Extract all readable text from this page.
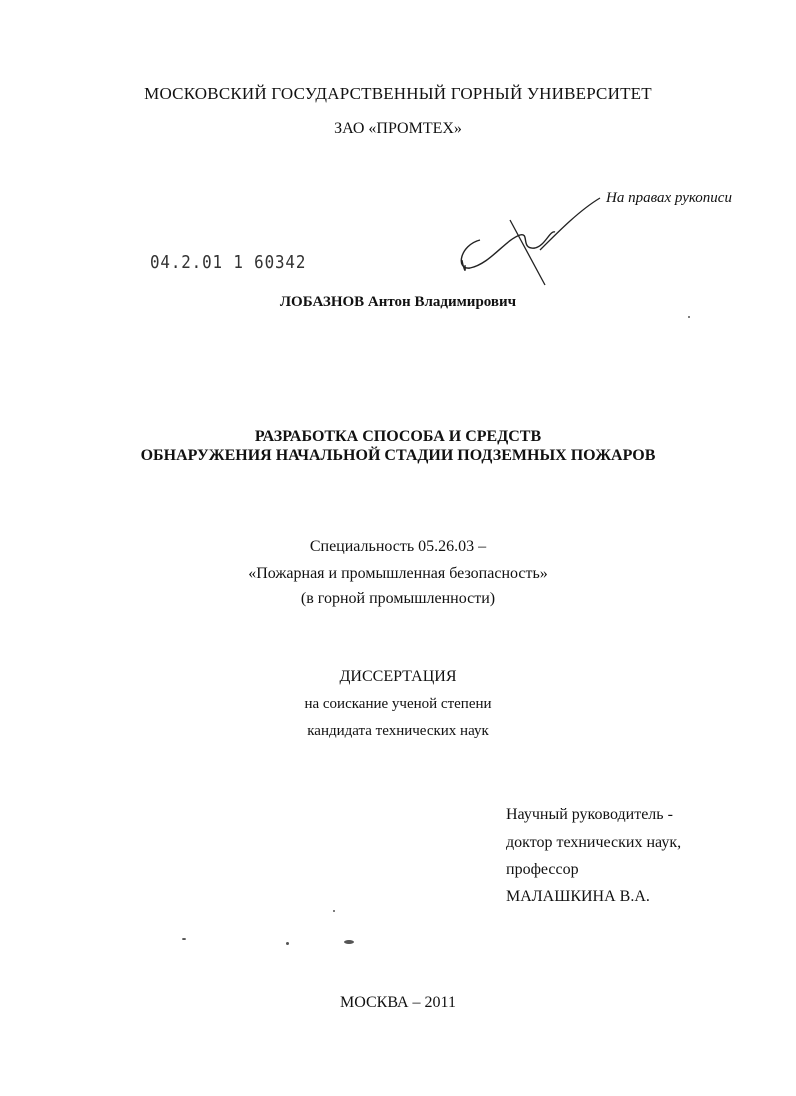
МОСКОВСКИЙ ГОСУДАРСТВЕННЫЙ ГОРНЫЙ УНИВЕРСИТЕТ
ЗАО «ПРОМТЕХ»
На правах рукописи
04.2.01 1 60342
ЛОБАЗНОВ Антон Владимирович
РАЗРАБОТКА СПОСОБА И СРЕДСТВ
ОБНАРУЖЕНИЯ НАЧАЛЬНОЙ СТАДИИ ПОДЗЕМНЫХ ПОЖАРОВ
Специальность 05.26.03 –
«Пожарная и промышленная безопасность»
(в горной промышленности)
ДИССЕРТАЦИЯ
на соискание ученой степени
кандидата технических наук
Научный руководитель -
доктор технических наук,
профессор
МАЛАШКИНА В.А.
МОСКВА – 2011
